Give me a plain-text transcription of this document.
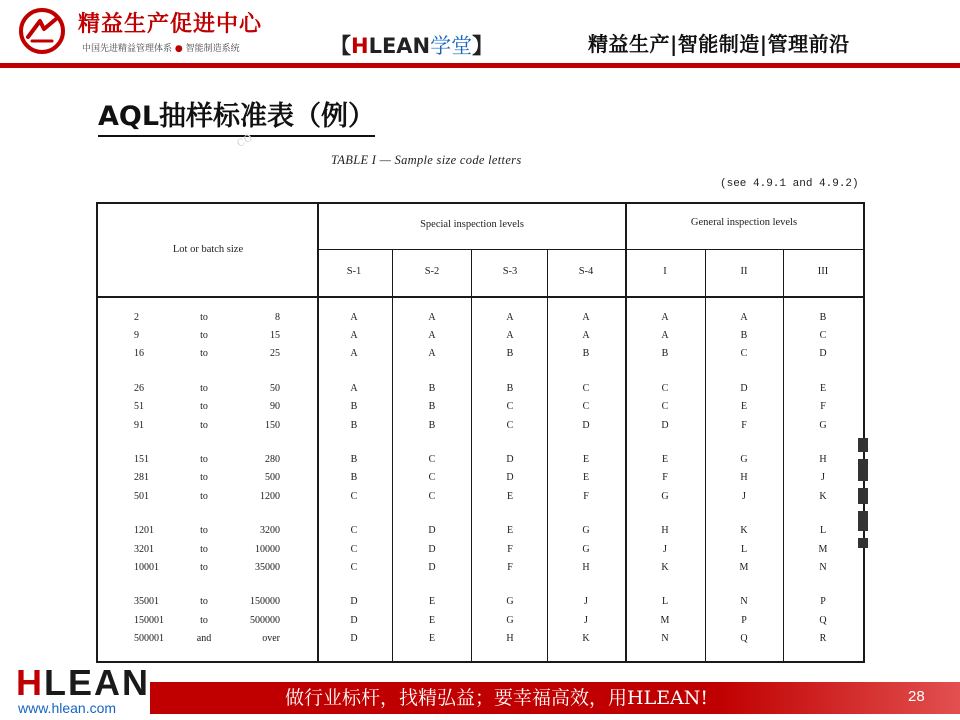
精益生产促进中心
中国先进精益管理体系 ● 智能制造系统	【HLEAN学堂】	精益生产|智能制造|管理前沿
AQL抽样标准表（例）
co
TABLE I — Sample size code letters
(see 4.9.1 and 4.9.2)
Lot or batch size
Special inspection levels	General inspection levels
S-1	S-2	S-3	S-4	I	II	III
2	to	8	A	A	A	A	A	A	B
9	to	15	A	A	A	A	A	B	C
16	to	25	A	A	B	B	B	C	D
26	to	50	A	B	B	C	C	D	E
51	to	90	B	B	C	C	C	E	F
91	to	150	B	B	C	D	D	F	G
151	to	280	B	C	D	E	E	G	H
281	to	500	B	C	D	E	F	H	J
501	to	1200	C	C	E	F	G	J	K
1201	to	3200	C	D	E	G	H	K	L
3201	to	10000	C	D	F	G	J	L	M
10001	to	35000	C	D	F	H	K	M	N
35001	to	150000	D	E	G	J	L	N	P
150001	to	500000	D	E	G	J	M	P	Q
500001	and	over	D	E	H	K	N	Q	R
HLEAN
www.hlean.com	做行业标杆，找精弘益；要幸福高效，用HLEAN!	28
